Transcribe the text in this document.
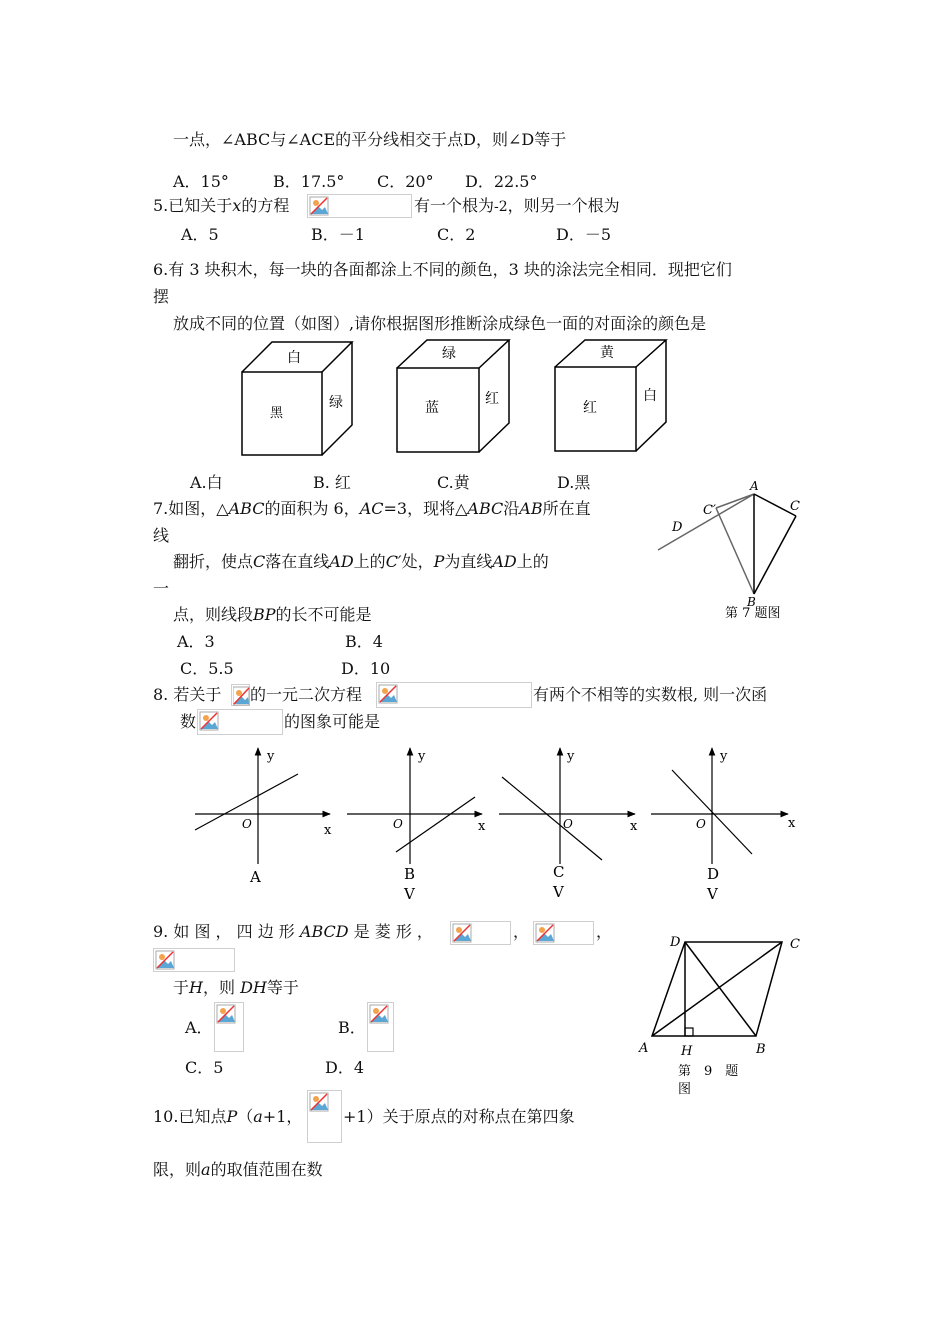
一点，∠ABC与∠ACE的平分线相交于点D，则∠D等于
A．15°	B．17.5° C．20° D．22.5°
5.已知关于x的方程	有一个根为-2，则另一个根为
A．5	B．－1	C．2	D．－5
6.有 3 块积木，每一块的各面都涂上不同的颜色，3 块的涂法完全相同．现把它们
摆
放成不同的位置（如图）,请你根据图形推断涂成绿色一面的对面涂的颜色是
白
黑
绿
绿
蓝
红
黄
红
白
A.白	B. 红	C.黄	D.黑
7.如图，△ABC的面积为 6，AC=3，现将△ABC沿AB所在直
线
翻折，使点C落在直线AD上的C′处，P为直线AD上的
一
点，则线段BP的长不可能是
A．3	B．4
C．5.5	D．10
A
C
C′
D
B
第 7 题图
8. 若关于 的一元二次方程	有两个不相等的实数根, 则一次函
数	的图象可能是
y
x
O
A
y
x
O
B
V
y
x
O
C
V
y
x
O
D
V
9. 如 图 ， 四 边 形 ABCD 是 菱 形 ，	，	，
于H，则 DH等于
A．	B．
C．5	D．4
D	C
A	H	B
第　9　题
图
10.已知点P（a+1，	+1）关于原点的对称点在第四象
限，则a的取值范围在数
